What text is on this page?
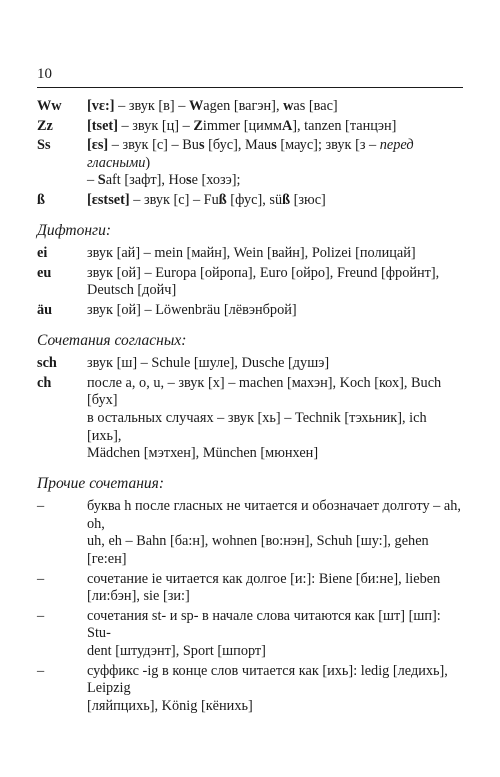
10
Ww	[vɛ:] – звук [в] – Wagen [вагэн], was [вас]
Zz	[tset] – звук [ц] – Zimmer [циммА], tanzen [танцэн]
Ss	[ɛs] – звук [с] – Bus [бус], Maus [маус]; звук [з – перед гласными)
– Saft [зафт], Hose [хозэ];
ß	[ɛstset] – звук [с] – Fuß [фус], süß [зюс]
Дифтонги:
ei	звук [ай] – mein [майн], Wein [вайн], Polizei [полицай]
eu	звук [ой] – Europa [ойропа], Euro [ойро], Freund [фройнт],
Deutsch [дойч]
äu	звук [ой] – Löwenbräu [лёвэнброй]
Сочетания согласных:
sch	звук [ш] – Schule [шуле], Dusche [душэ]
ch	после a, o, u, – звук [х] – machen [махэн], Koch [кох], Buch [бух]
в остальных случаях – звук [хь] – Technik [тэхьник], ich [ихь],
Mädchen [мэтхен], München [мюнхен]
Прочие сочетания:
–	буква h после гласных не читается и обозначает долготу – ah, oh,
uh, eh – Bahn [ба:н], wohnen [во:нэн], Schuh [шу:], gehen [ге:ен]
–	сочетание ie читается как долгое [и:]: Biene [би:не], lieben
[ли:бэн], sie [зи:]
–	сочетания st- и sp- в начале слова читаются как [шт] [шп]: Stu-
dent [штудэнт], Sport [шпорт]
–	суффикс -ig в конце слов читается как [ихь]: ledig [ледихь], Leipzig
[ляйпцихь], König [кёнихь]
